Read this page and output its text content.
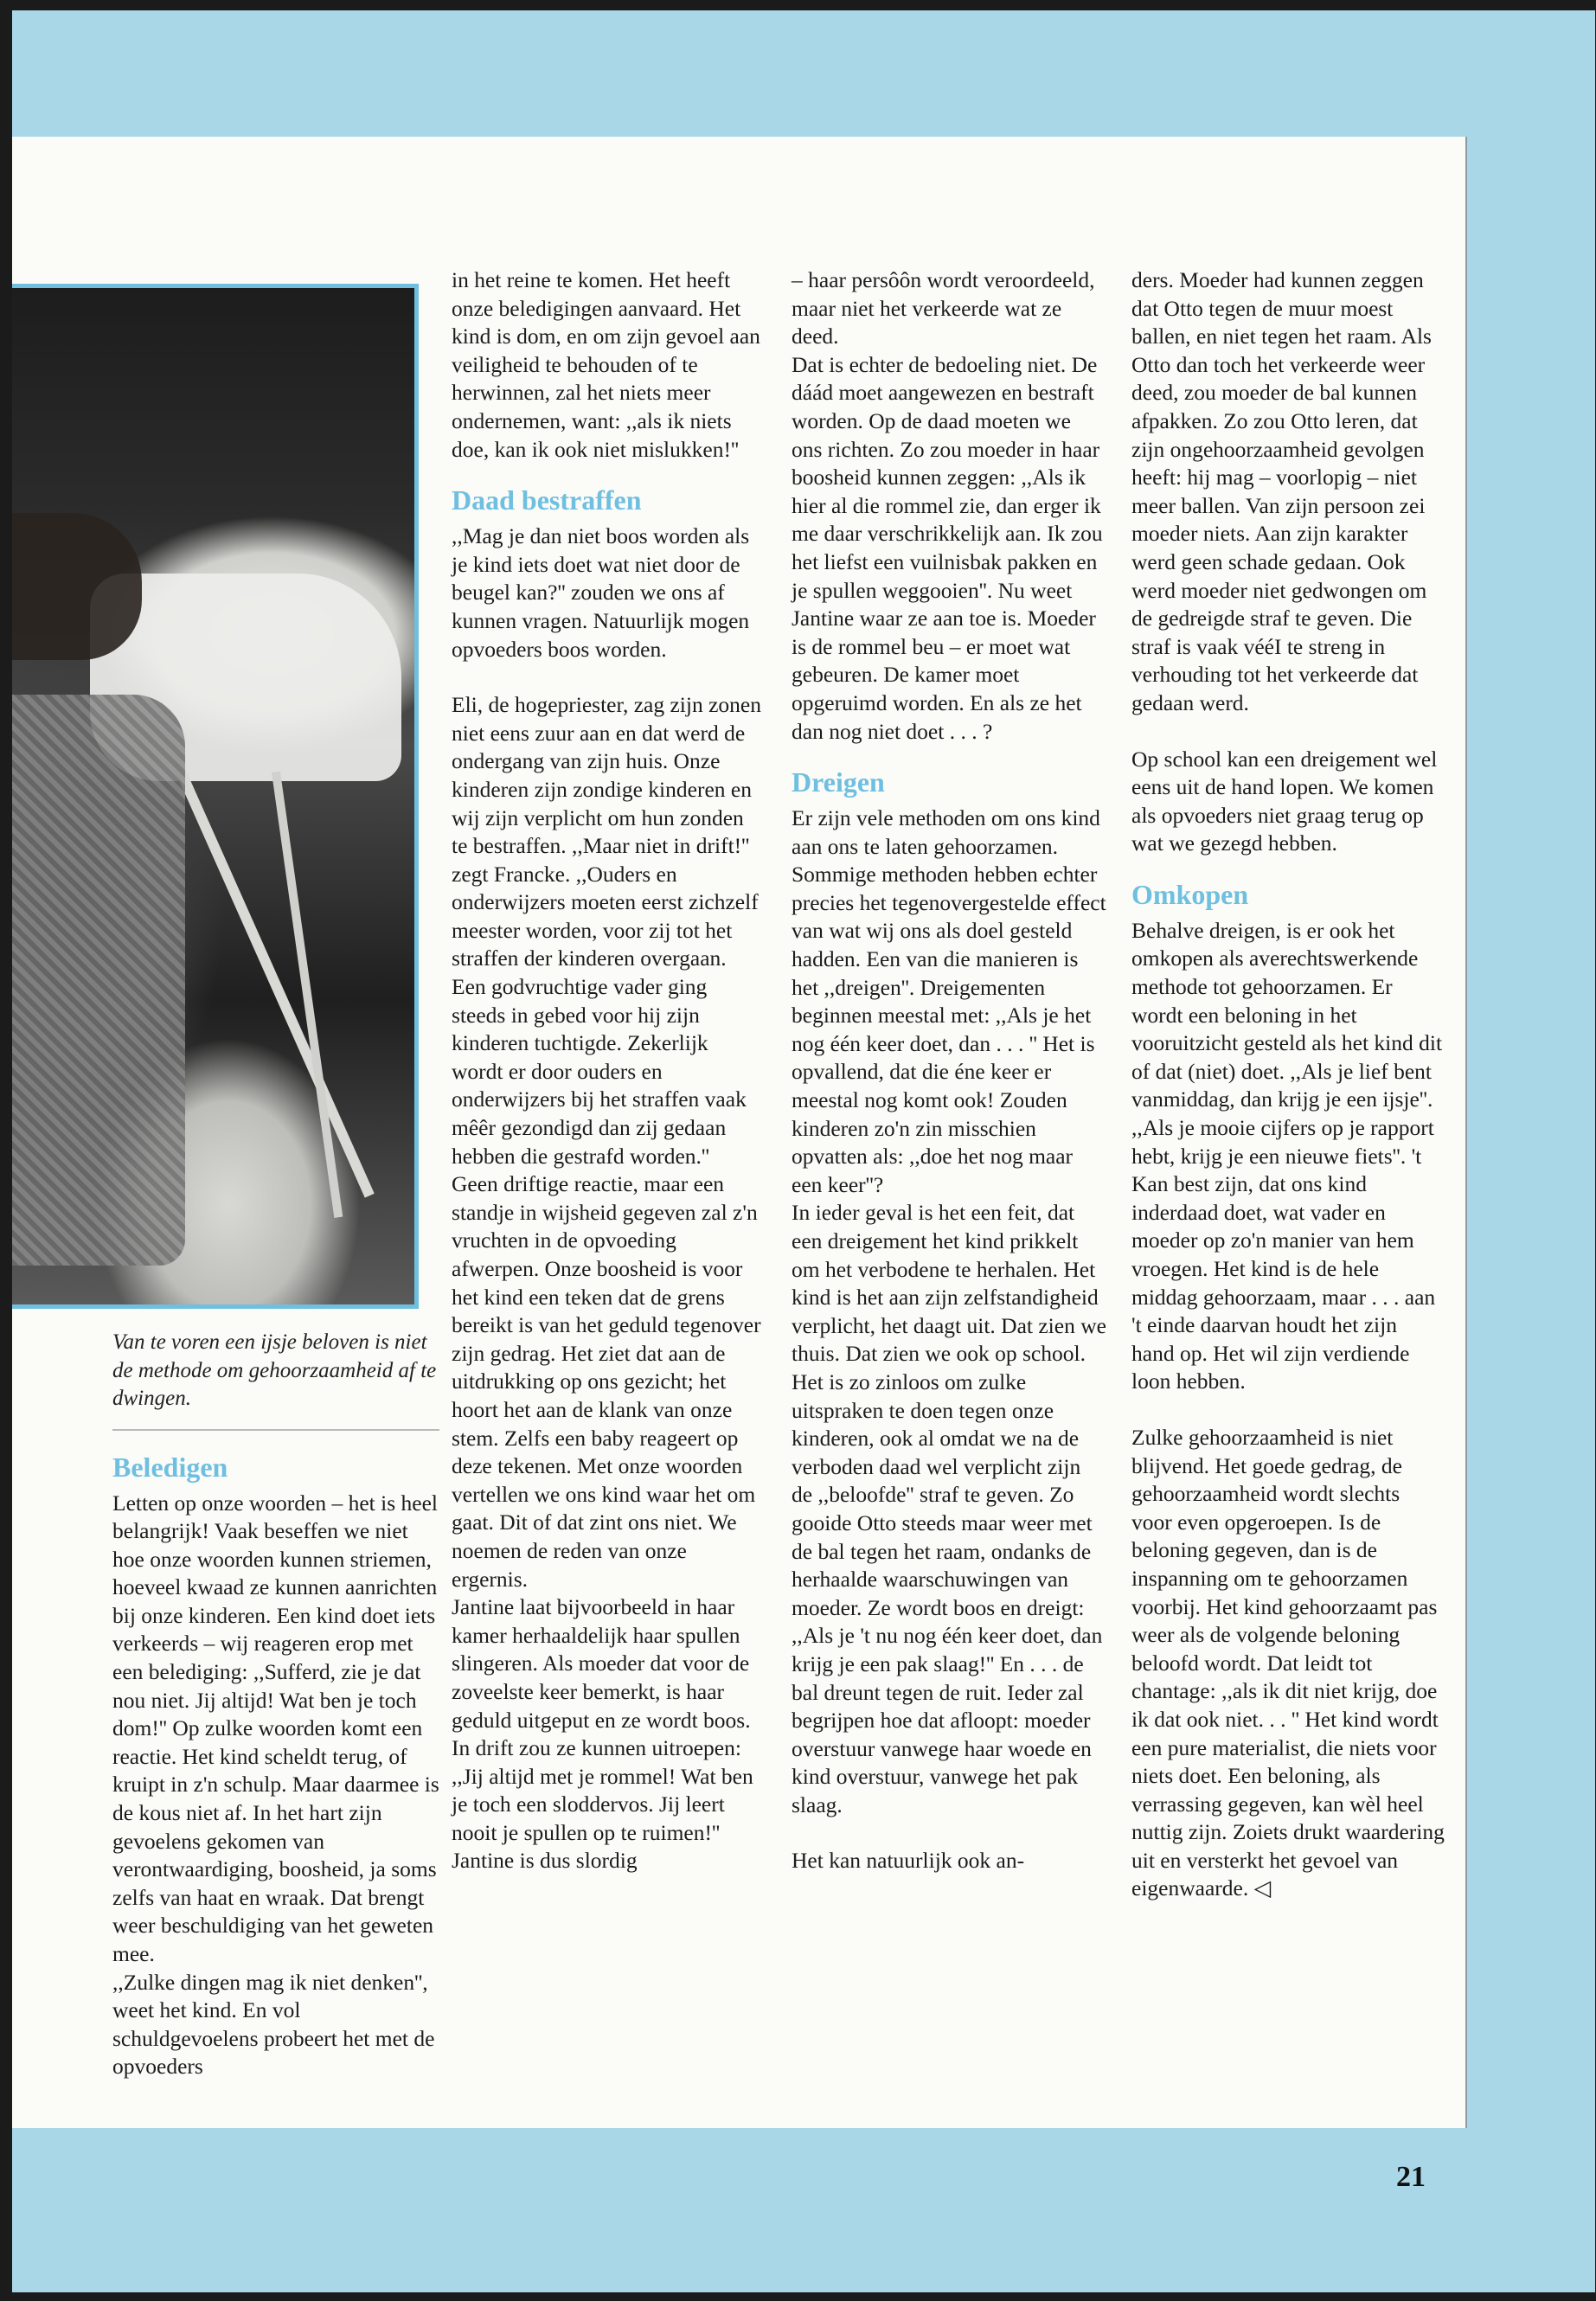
Van te voren een ijsje beloven is niet de methode om gehoorzaamheid af te dwingen.

Beledigen

Letten op onze woorden – het is heel belangrijk! Vaak beseffen we niet hoe onze woorden kunnen striemen, hoeveel kwaad ze kunnen aanrichten bij onze kinderen. Een kind doet iets verkeerds – wij reageren erop met een belediging: ,,Sufferd, zie je dat nou niet. Jij altijd! Wat ben je toch dom!'' Op zulke woorden komt een reactie. Het kind scheldt terug, of kruipt in z'n schulp. Maar daarmee is de kous niet af. In het hart zijn gevoelens gekomen van verontwaardiging, boosheid, ja soms zelfs van haat en wraak. Dat brengt weer beschuldiging van het geweten mee.

,,Zulke dingen mag ik niet denken'', weet het kind. En vol schuldgevoelens probeert het met de opvoeders

in het reine te komen. Het heeft onze beledigingen aanvaard. Het kind is dom, en om zijn gevoel aan veiligheid te behouden of te herwinnen, zal het niets meer ondernemen, want: ,,als ik niets doe, kan ik ook niet mislukken!''

Daad bestraffen

,,Mag je dan niet boos worden als je kind iets doet wat niet door de beugel kan?'' zouden we ons af kunnen vragen. Natuurlijk mogen opvoeders boos worden.

Eli, de hogepriester, zag zijn zonen niet eens zuur aan en dat werd de ondergang van zijn huis. Onze kinderen zijn zondige kinderen en wij zijn verplicht om hun zonden te bestraffen. ,,Maar niet in drift!'' zegt Francke. ,,Ouders en onderwijzers moeten eerst zichzelf meester worden, voor zij tot het straffen der kinderen overgaan. Een godvruchtige vader ging steeds in gebed voor hij zijn kinderen tuchtigde. Zekerlijk wordt er door ouders en onderwijzers bij het straffen vaak mêêr gezondigd dan zij gedaan hebben die gestrafd worden.''

Geen driftige reactie, maar een standje in wijsheid gegeven zal z'n vruchten in de opvoeding afwerpen. Onze boosheid is voor het kind een teken dat de grens bereikt is van het geduld tegenover zijn gedrag. Het ziet dat aan de uitdrukking op ons gezicht; het hoort het aan de klank van onze stem. Zelfs een baby reageert op deze tekenen. Met onze woorden vertellen we ons kind waar het om gaat. Dit of dat zint ons niet. We noemen de reden van onze ergernis.

Jantine laat bijvoorbeeld in haar kamer herhaaldelijk haar spullen slingeren. Als moeder dat voor de zoveelste keer bemerkt, is haar geduld uitgeput en ze wordt boos. In drift zou ze kunnen uitroepen: ,,Jij altijd met je rommel! Wat ben je toch een sloddervos. Jij leert nooit je spullen op te ruimen!'' Jantine is dus slordig

– haar persôôn wordt veroordeeld, maar niet het verkeerde wat ze deed.

Dat is echter de bedoeling niet. De dáád moet aangewezen en bestraft worden. Op de daad moeten we ons richten. Zo zou moeder in haar boosheid kunnen zeggen: ,,Als ik hier al die rommel zie, dan erger ik me daar verschrikkelijk aan. Ik zou het liefst een vuilnisbak pakken en je spullen weggooien''. Nu weet Jantine waar ze aan toe is. Moeder is de rommel beu – er moet wat gebeuren. De kamer moet opgeruimd worden. En als ze het dan nog niet doet . . . ?

Dreigen

Er zijn vele methoden om ons kind aan ons te laten gehoorzamen. Sommige methoden hebben echter precies het tegenovergestelde effect van wat wij ons als doel gesteld hadden. Een van die manieren is het ,,dreigen''. Dreigementen beginnen meestal met: ,,Als je het nog één keer doet, dan . . . '' Het is opvallend, dat die éne keer er meestal nog komt ook! Zouden kinderen zo'n zin misschien opvatten als: ,,doe het nog maar een keer''?

In ieder geval is het een feit, dat een dreigement het kind prikkelt om het verbodene te herhalen. Het kind is het aan zijn zelfstandigheid verplicht, het daagt uit. Dat zien we thuis. Dat zien we ook op school. Het is zo zinloos om zulke uitspraken te doen tegen onze kinderen, ook al omdat we na de verboden daad wel verplicht zijn de ,,beloofde'' straf te geven. Zo gooide Otto steeds maar weer met de bal tegen het raam, ondanks de herhaalde waarschuwingen van moeder. Ze wordt boos en dreigt: ,,Als je 't nu nog één keer doet, dan krijg je een pak slaag!'' En . . . de bal dreunt tegen de ruit. Ieder zal begrijpen hoe dat afloopt: moeder overstuur vanwege haar woede en kind overstuur, vanwege het pak slaag.

Het kan natuurlijk ook an-

ders. Moeder had kunnen zeggen dat Otto tegen de muur moest ballen, en niet tegen het raam. Als Otto dan toch het verkeerde weer deed, zou moeder de bal kunnen afpakken. Zo zou Otto leren, dat zijn ongehoorzaamheid gevolgen heeft: hij mag – voorlopig – niet meer ballen. Van zijn persoon zei moeder niets. Aan zijn karakter werd geen schade gedaan. Ook werd moeder niet gedwongen om de gedreigde straf te geven. Die straf is vaak vééI te streng in verhouding tot het verkeerde dat gedaan werd.

Op school kan een dreigement wel eens uit de hand lopen. We komen als opvoeders niet graag terug op wat we gezegd hebben.

Omkopen

Behalve dreigen, is er ook het omkopen als averechtswerkende methode tot gehoorzamen. Er wordt een beloning in het vooruitzicht gesteld als het kind dit of dat (niet) doet. ,,Als je lief bent vanmiddag, dan krijg je een ijsje''. ,,Als je mooie cijfers op je rapport hebt, krijg je een nieuwe fiets''. 't Kan best zijn, dat ons kind inderdaad doet, wat vader en moeder op zo'n manier van hem vroegen. Het kind is de hele middag gehoorzaam, maar . . . aan 't einde daarvan houdt het zijn hand op. Het wil zijn verdiende loon hebben.

Zulke gehoorzaamheid is niet blijvend. Het goede gedrag, de gehoorzaamheid wordt slechts voor even opgeroepen. Is de beloning gegeven, dan is de inspanning om te gehoorzamen voorbij. Het kind gehoorzaamt pas weer als de volgende beloning beloofd wordt. Dat leidt tot chantage: ,,als ik dit niet krijg, doe ik dat ook niet. . . '' Het kind wordt een pure materialist, die niets voor niets doet. Een beloning, als verrassing gegeven, kan wèl heel nuttig zijn. Zoiets drukt waardering uit en versterkt het gevoel van eigenwaarde. ◁

21
